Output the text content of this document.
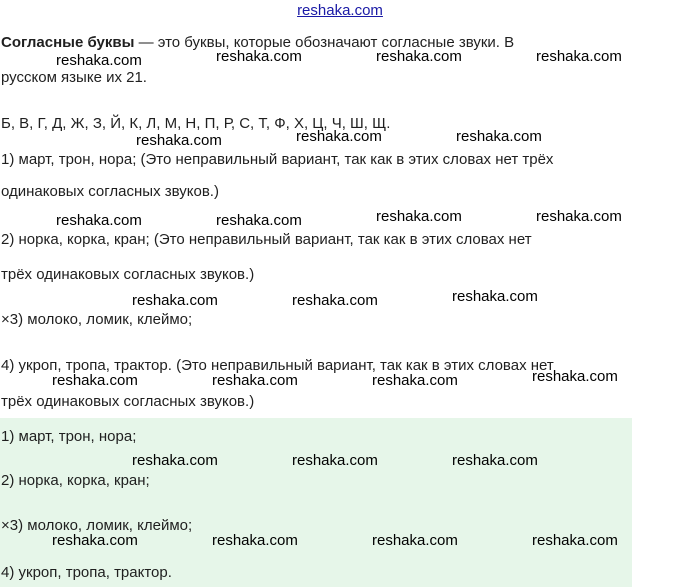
reshaka.com
Согласные буквы — это буквы, которые обозначают согласные звуки. В
русском языке их 21.
Б, В, Г, Д, Ж, З, Й, К, Л, М, Н, П, Р, С, Т, Ф, Х, Ц, Ч, Ш, Щ.
1) март, трон, нора; (Это неправильный вариант, так как в этих словах нет трёх
одинаковых согласных звуков.)
2) норка, корка, кран; (Это неправильный вариант, так как в этих словах нет
трёх одинаковых согласных звуков.)
×3) молоко, ломик, клеймо;
4) укроп, тропа, трактор. (Это неправильный вариант, так как в этих словах нет
трёх одинаковых согласных звуков.)
1) март, трон, нора;
2) норка, корка, кран;
×3) молоко, ломик, клеймо;
4) укроп, тропа, трактор.
reshaka.com	reshaka.com	reshaka.com	reshaka.com
reshaka.com	reshaka.com	reshaka.com
reshaka.com	reshaka.com	reshaka.com	reshaka.com
reshaka.com	reshaka.com	reshaka.com
reshaka.com	reshaka.com	reshaka.com	reshaka.com
reshaka.com	reshaka.com	reshaka.com
reshaka.com	reshaka.com	reshaka.com	reshaka.com
